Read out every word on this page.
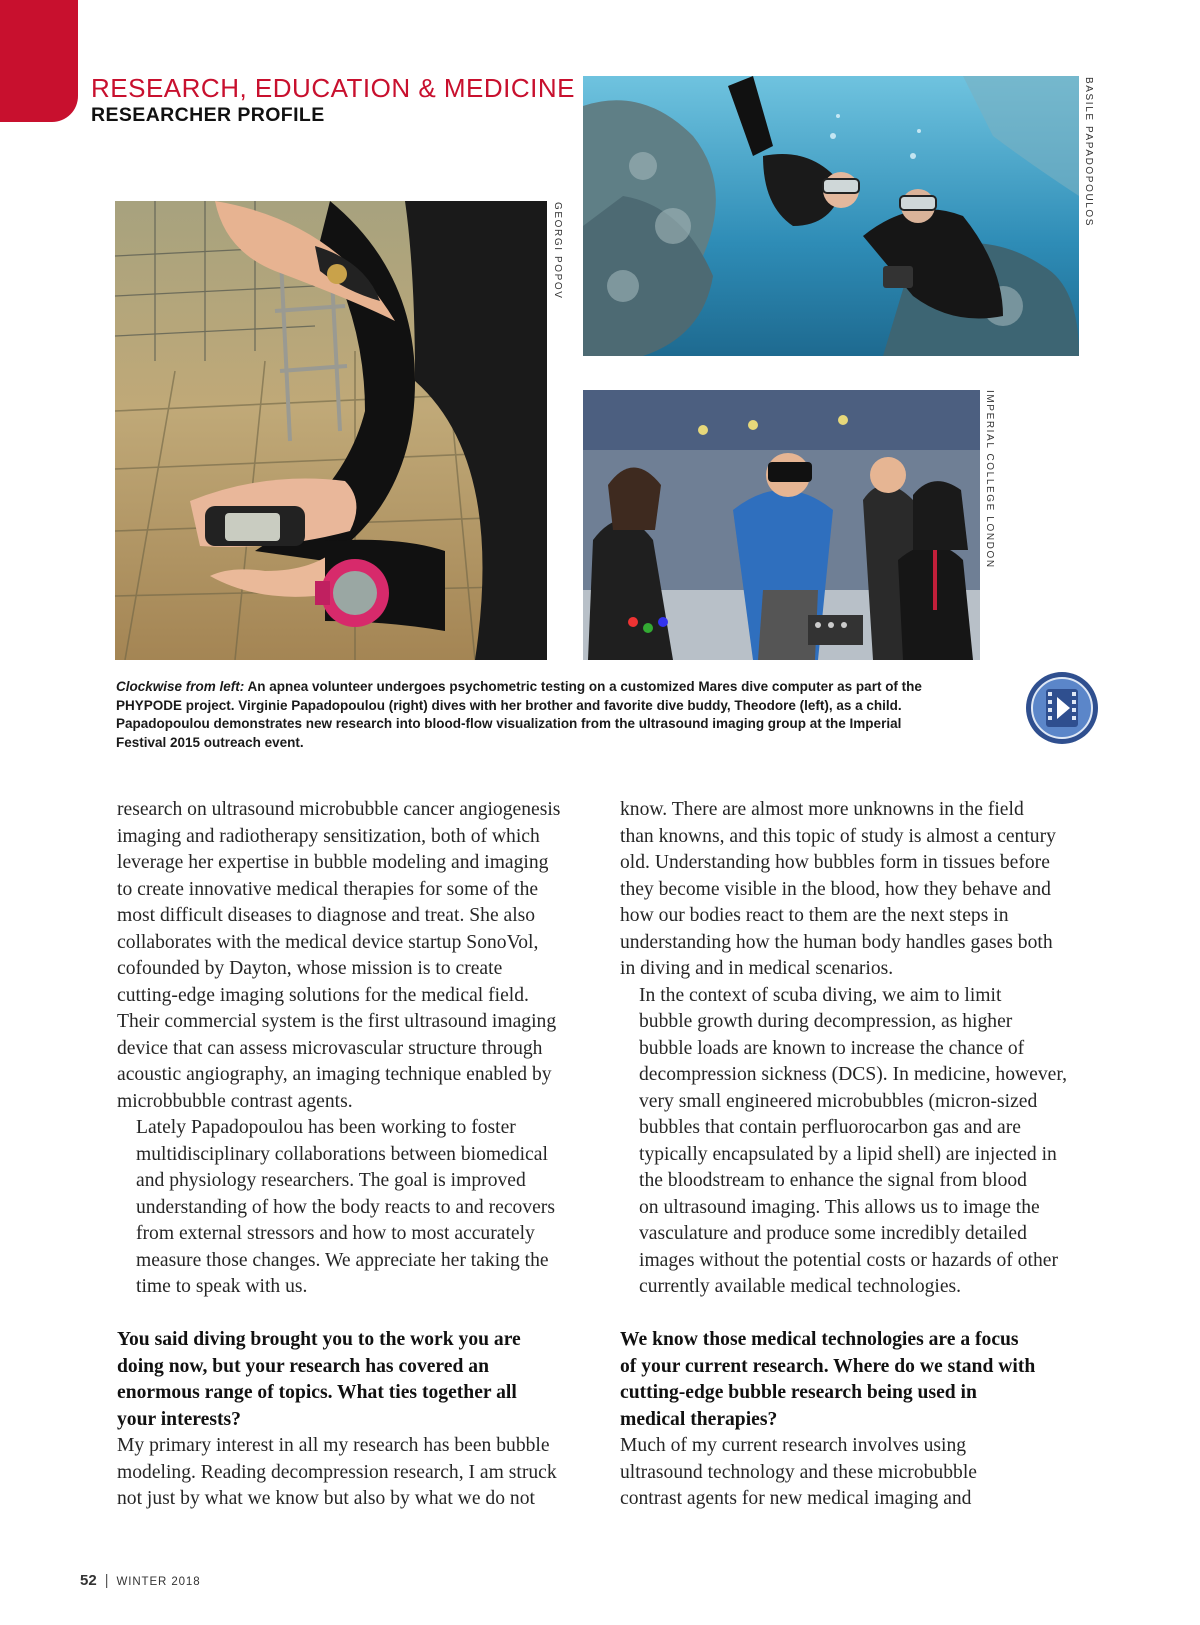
RESEARCH, EDUCATION & MEDICINE
RESEARCHER PROFILE
GEORGI POPOV
BASILE PAPADOPOULOS
IMPERIAL COLLEGE LONDON

Clockwise from left: An apnea volunteer undergoes psychometric testing on a customized Mares dive computer as part of the
PHYPODE project. Virginie Papadopoulou (right) dives with her brother and favorite dive buddy, Theodore (left), as a child.
Papadopoulou demonstrates new research into blood-flow visualization from the ultrasound imaging group at the Imperial
Festival 2015 outreach event.

research on ultrasound microbubble cancer angiogenesis
imaging and radiotherapy sensitization, both of which
leverage her expertise in bubble modeling and imaging
to create innovative medical therapies for some of the
most difficult diseases to diagnose and treat. She also
collaborates with the medical device startup SonoVol,
cofounded by Dayton, whose mission is to create
cutting-edge imaging solutions for the medical field.
Their commercial system is the first ultrasound imaging
device that can assess microvascular structure through
acoustic angiography, an imaging technique enabled by
microbbubble contrast agents.

Lately Papadopoulou has been working to foster
multidisciplinary collaborations between biomedical
and physiology researchers. The goal is improved
understanding of how the body reacts to and recovers
from external stressors and how to most accurately
measure those changes. We appreciate her taking the
time to speak with us.

You said diving brought you to the work you are
doing now, but your research has covered an
enormous range of topics. What ties together all
your interests?

My primary interest in all my research has been bubble
modeling. Reading decompression research, I am struck
not just by what we know but also by what we do not

know. There are almost more unknowns in the field
than knowns, and this topic of study is almost a century
old. Understanding how bubbles form in tissues before
they become visible in the blood, how they behave and
how our bodies react to them are the next steps in
understanding how the human body handles gases both
in diving and in medical scenarios.

In the context of scuba diving, we aim to limit
bubble growth during decompression, as higher
bubble loads are known to increase the chance of
decompression sickness (DCS). In medicine, however,
very small engineered microbubbles (micron-sized
bubbles that contain perfluorocarbon gas and are
typically encapsulated by a lipid shell) are injected in
the bloodstream to enhance the signal from blood
on ultrasound imaging. This allows us to image the
vasculature and produce some incredibly detailed
images without the potential costs or hazards of other
currently available medical technologies.

We know those medical technologies are a focus
of your current research. Where do we stand with
cutting-edge bubble research being used in
medical therapies?

Much of my current research involves using
ultrasound technology and these microbubble
contrast agents for new medical imaging and

52 | WINTER 2018
